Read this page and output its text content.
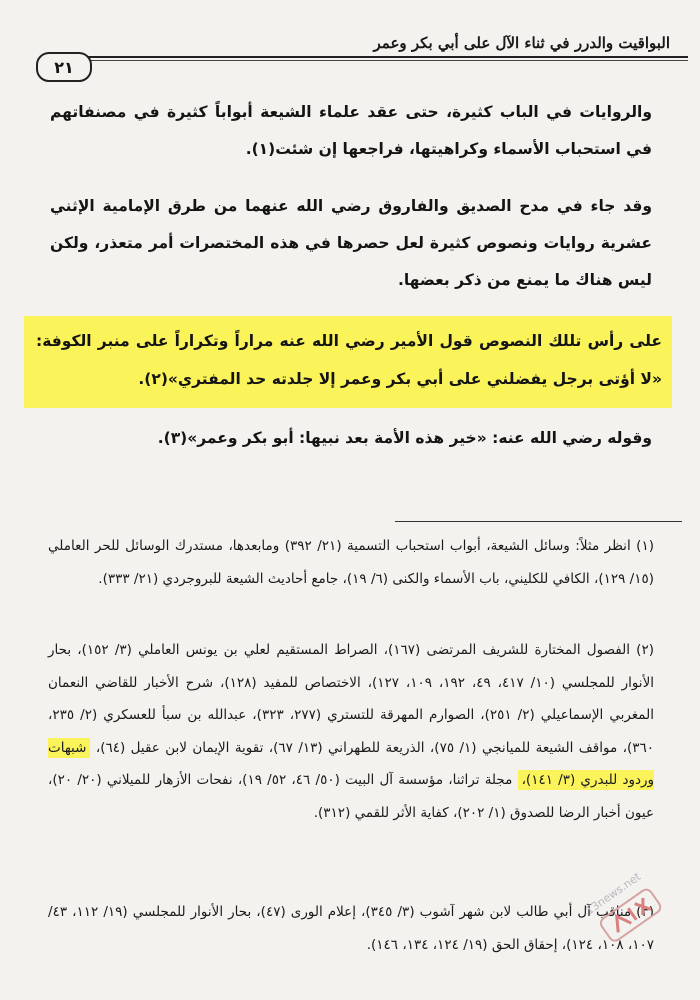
البواقيت والدرر في ثناء الآل على أبي بكر وعمر
٢١

والروايات في الباب كثيرة، حتى عقد علماء الشيعة أبواباً كثيرة في مصنفاتهم في استحباب الأسماء وكراهيتها، فراجعها إن شئت(١).

وقد جاء في مدح الصديق والفاروق رضي الله عنهما من طرق الإمامية الإثني عشرية روايات ونصوص كثيرة لعل حصرها في هذه المختصرات أمر متعذر، ولكن ليس هناك ما يمنع من ذكر بعضها.

على رأس تللك النصوص قول الأمير رضي الله عنه مراراً وتكراراً على منبر الكوفة: «لا أؤتى برجل يفضلني على أبي بكر وعمر إلا جلدته حد المفتري»(٢).

وقوله رضي الله عنه: «خير هذه الأمة بعد نبيها: أبو بكر وعمر»(٣).

(١) انظر مثلاً: وسائل الشيعة، أبواب استحباب التسمية (٢١/ ٣٩٢) ومابعدها، مستدرك الوسائل للحر العاملي (١٥/ ١٢٩)، الكافي للكليني، باب الأسماء والكنى (٦/ ١٩)، جامع أحاديث الشيعة للبروجردي (٢١/ ٣٣٣).

(٢) الفصول المختارة للشريف المرتضى (١٦٧)، الصراط المستقيم لعلي بن يونس العاملي (٣/ ١٥٢)، بحار الأنوار للمجلسي (١٠/ ٤١٧، ٤٩، ١٩٢، ١٠٩، ١٢٧)، الاختصاص للمفيد (١٢٨)، شرح الأخبار للقاضي النعمان المغربي الإسماعيلي (٢/ ٢٥١)، الصوارم المهرقة للتستري (٢٧٧، ٣٢٣)، عبدالله بن سبأ للعسكري (٢/ ٢٣٥، ٣٦٠)، مواقف الشيعة للميانجي (١/ ٧٥)، الذريعة للطهراني (١٣/ ٦٧)، تقوية الإيمان لابن عقيل (٦٤)، شبهات وردود للبدري (٣/ ١٤١)، مجلة تراثنا، مؤسسة آل البيت (٥٠/ ٤٦، ٥٢/ ١٩)، نفحات الأزهار للميلاني (٢٠/ ٢٠)، عيون أخبار الرضا للصدوق (١/ ٢٠٢)، كفاية الأثر للقمي (٣١٢).

(٣) مناقب آل أبي طالب لابن شهر آشوب (٣/ ٣٤٥)، إعلام الورى (٤٧)، بحار الأنوار للمجلسي (١٩/ ١١٢، ٤٣/ ١٠٧، ١٠٨، ١٢٤)، إحقاق الحق (١٩/ ١٢٤، ١٣٤، ١٤٦).

13news.net
